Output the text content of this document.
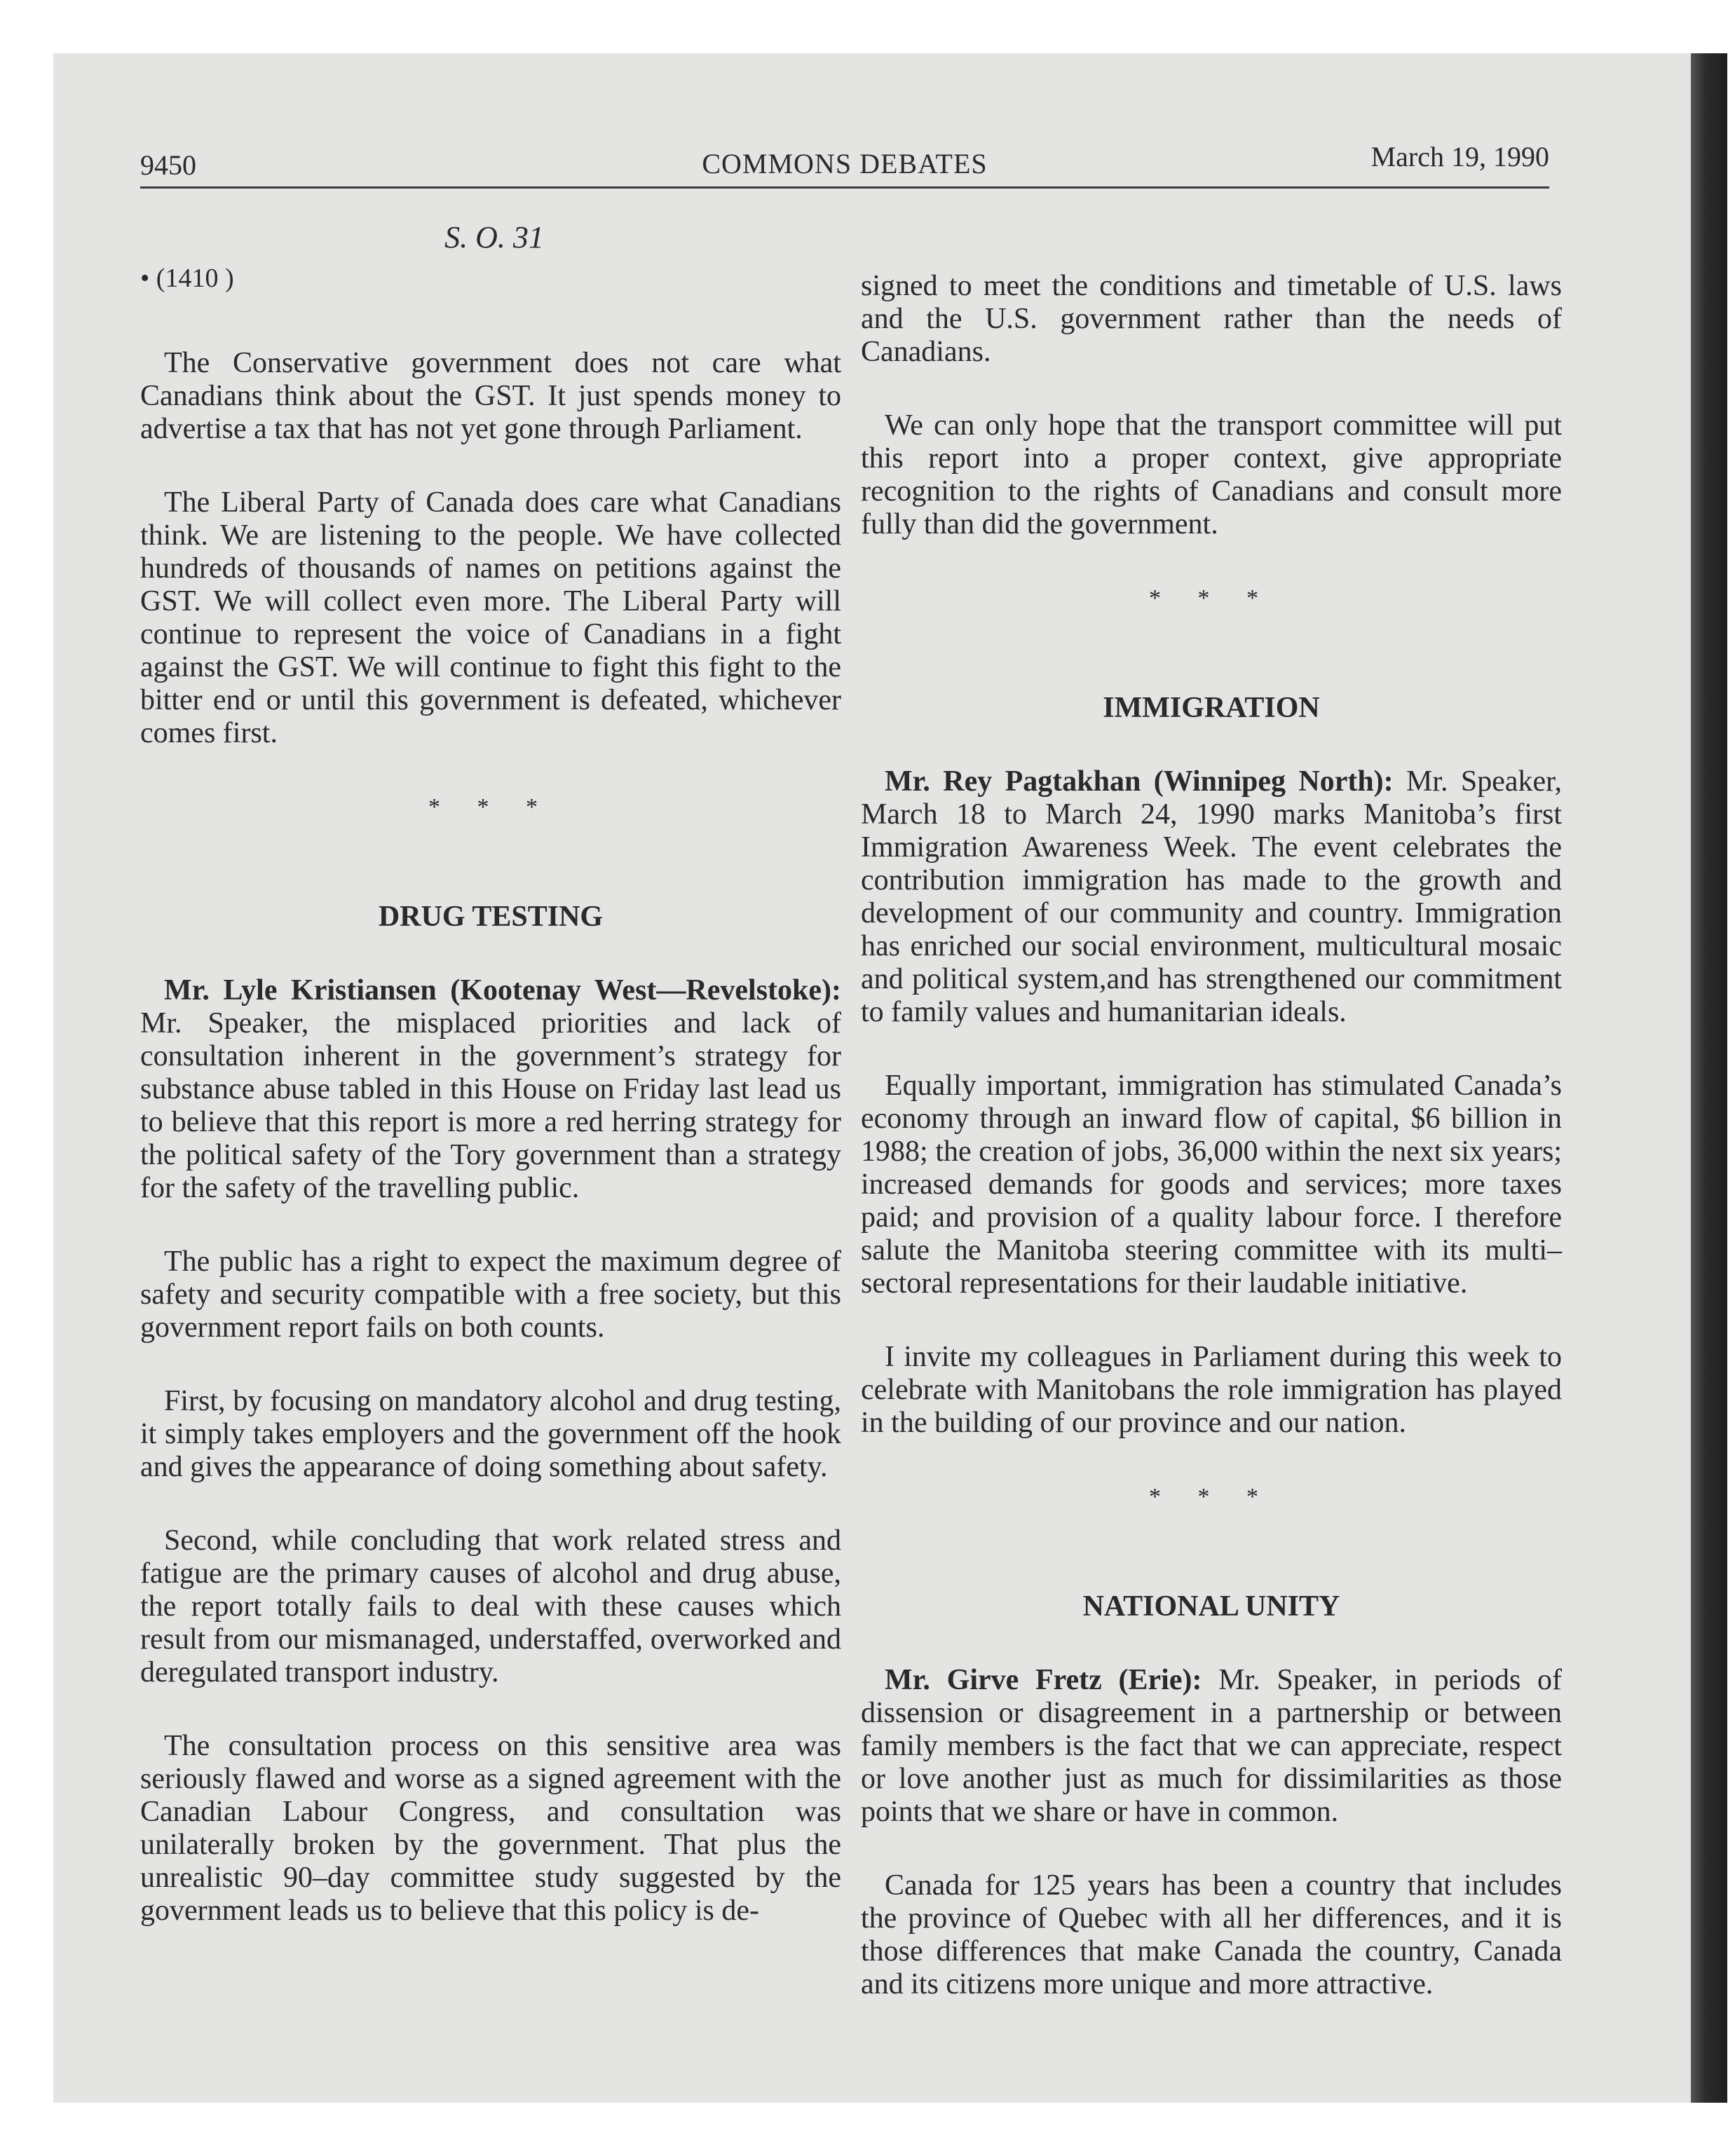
9450	COMMONS DEBATES	March 19, 1990
S. O. 31
• (1410 )

The Conservative government does not care what Canadians think about the GST. It just spends money to advertise a tax that has not yet gone through Parliament.

The Liberal Party of Canada does care what Canadians think. We are listening to the people. We have collected hundreds of thousands of names on petitions against the GST. We will collect even more. The Liberal Party will continue to represent the voice of Canadians in a fight against the GST. We will continue to fight this fight to the bitter end or until this government is defeated, whichever comes first.

* * *
DRUG TESTING

Mr. Lyle Kristiansen (Kootenay West—Revelstoke): Mr. Speaker, the misplaced priorities and lack of consultation inherent in the government’s strategy for substance abuse tabled in this House on Friday last lead us to believe that this report is more a red herring strategy for the political safety of the Tory government than a strategy for the safety of the travelling public.

The public has a right to expect the maximum degree of safety and security compatible with a free society, but this government report fails on both counts.

First, by focusing on mandatory alcohol and drug testing, it simply takes employers and the government off the hook and gives the appearance of doing something about safety.

Second, while concluding that work related stress and fatigue are the primary causes of alcohol and drug abuse, the report totally fails to deal with these causes which result from our mismanaged, understaffed, overworked and deregulated transport industry.

The consultation process on this sensitive area was seriously flawed and worse as a signed agreement with the Canadian Labour Congress, and consultation was unilaterally broken by the government. That plus the unrealistic 90–day committee study suggested by the government leads us to believe that this policy is de-

signed to meet the conditions and timetable of U.S. laws and the U.S. government rather than the needs of Canadians.

We can only hope that the transport committee will put this report into a proper context, give appropriate recognition to the rights of Canadians and consult more fully than did the government.

* * *
IMMIGRATION

Mr. Rey Pagtakhan (Winnipeg North): Mr. Speaker, March 18 to March 24, 1990 marks Manitoba’s first Immigration Awareness Week. The event celebrates the contribution immigration has made to the growth and development of our community and country. Immigration has enriched our social environment, multicultural mosaic and political system,and has strengthened our commitment to family values and humanitarian ideals.

Equally important, immigration has stimulated Canada’s economy through an inward flow of capital, $6 billion in 1988; the creation of jobs, 36,000 within the next six years; increased demands for goods and services; more taxes paid; and provision of a quality labour force. I therefore salute the Manitoba steering committee with its multi–sectoral representations for their laudable initiative.

I invite my colleagues in Parliament during this week to celebrate with Manitobans the role immigration has played in the building of our province and our nation.

* * *
NATIONAL UNITY

Mr. Girve Fretz (Erie): Mr. Speaker, in periods of dissension or disagreement in a partnership or between family members is the fact that we can appreciate, respect or love another just as much for dissimilarities as those points that we share or have in common.

Canada for 125 years has been a country that includes the province of Quebec with all her differences, and it is those differences that make Canada the country, Canada and its citizens more unique and more attractive.
